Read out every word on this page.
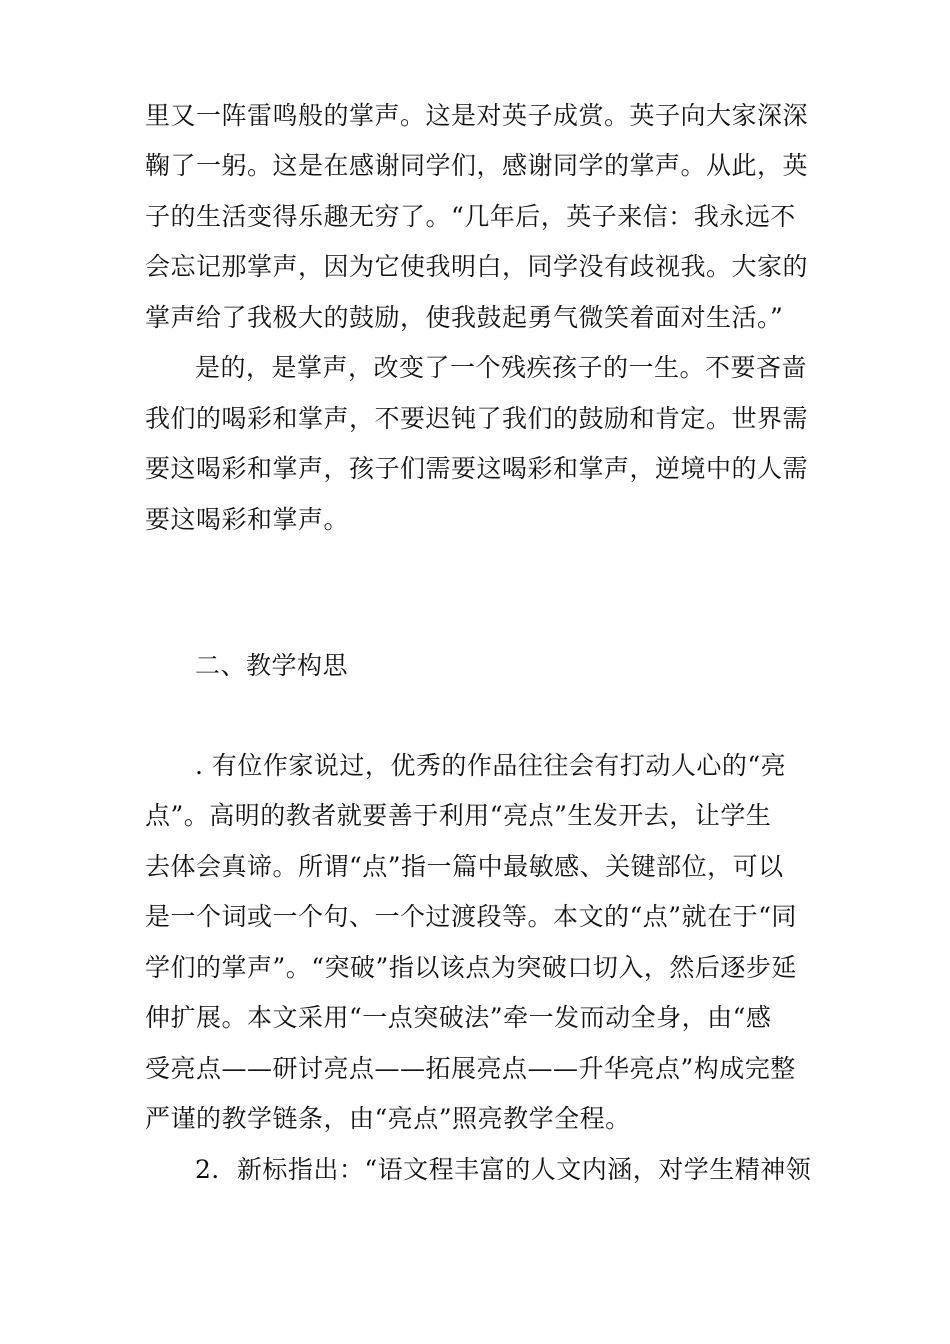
里又一阵雷鸣般的掌声。这是对英子成赏。英子向大家深深
鞠了一躬。这是在感谢同学们，感谢同学的掌声。从此，英
子的生活变得乐趣无穷了。“几年后，英子来信：我永远不
会忘记那掌声，因为它使我明白，同学没有歧视我。大家的
掌声给了我极大的鼓励，使我鼓起勇气微笑着面对生活。”
是的，是掌声，改变了一个残疾孩子的一生。不要吝啬
我们的喝彩和掌声，不要迟钝了我们的鼓励和肯定。世界需
要这喝彩和掌声，孩子们需要这喝彩和掌声，逆境中的人需
要这喝彩和掌声。
二、教学构思
. 有位作家说过，优秀的作品往往会有打动人心的“亮
点”。高明的教者就要善于利用“亮点”生发开去，让学生
去体会真谛。所谓“点”指一篇中最敏感、关键部位，可以
是一个词或一个句、一个过渡段等。本文的“点”就在于“同
学们的掌声”。“突破”指以该点为突破口切入，然后逐步延
伸扩展。本文采用“一点突破法”牵一发而动全身，由“感
受亮点——研讨亮点——拓展亮点——升华亮点”构成完整
严谨的教学链条，由“亮点”照亮教学全程。
2．新标指出：“语文程丰富的人文内涵，对学生精神领
